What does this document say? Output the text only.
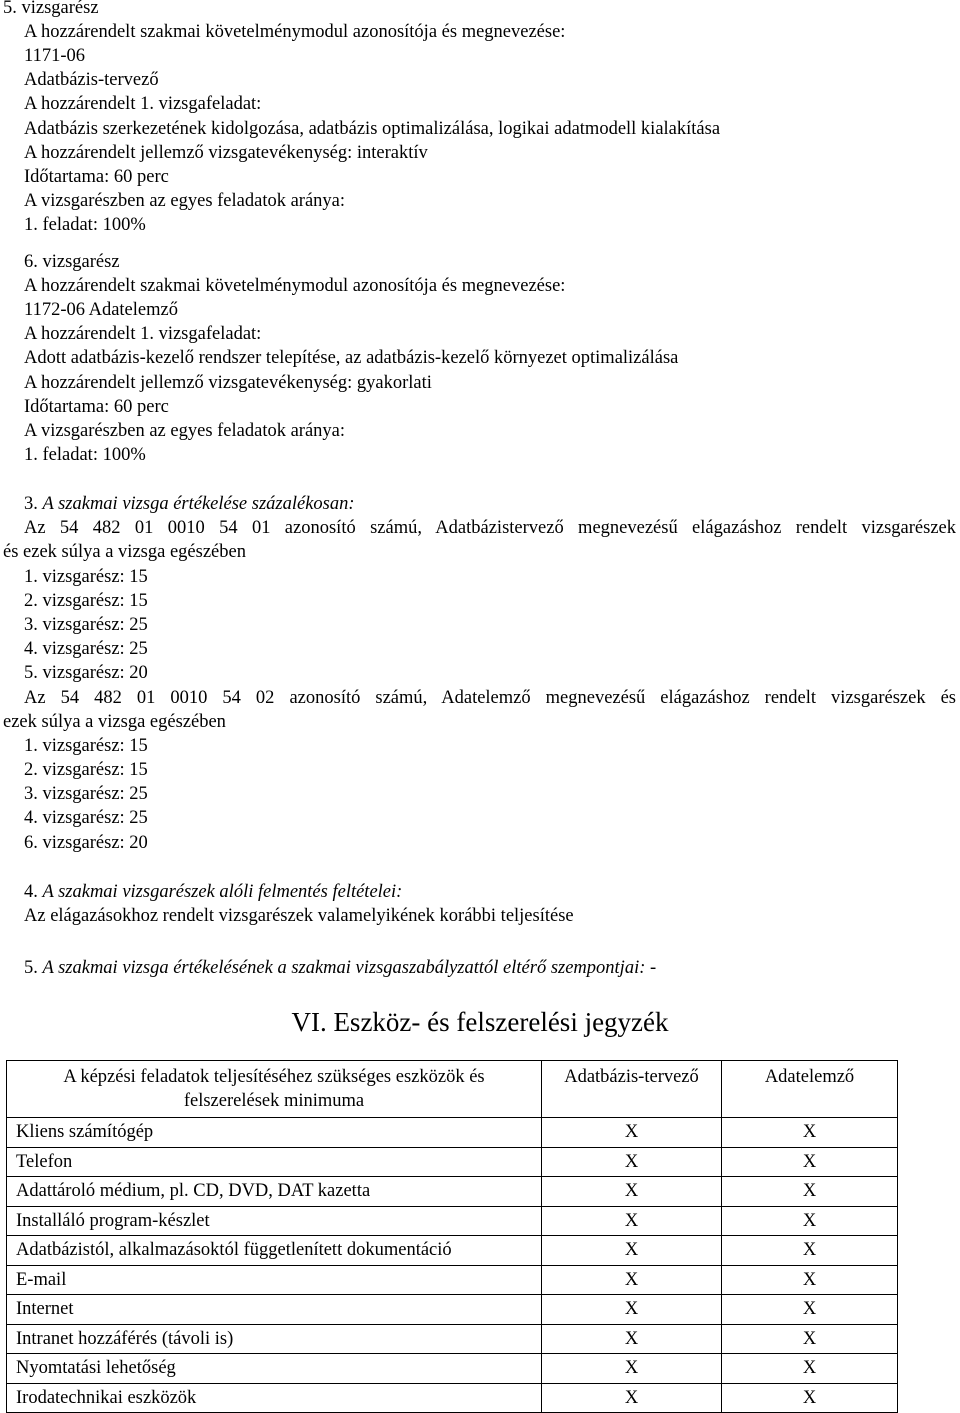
5. vizsgarész
A hozzárendelt szakmai követelménymodul azonosítója és megnevezése:
1171-06
Adatbázis-tervező
A hozzárendelt 1. vizsgafeladat:
Adatbázis szerkezetének kidolgozása, adatbázis optimalizálása, logikai adatmodell kialakítása
A hozzárendelt jellemző vizsgatevékenység: interaktív
Időtartama: 60 perc
A vizsgarészben az egyes feladatok aránya:
1. feladat: 100%
6. vizsgarész
A hozzárendelt szakmai követelménymodul azonosítója és megnevezése:
1172-06 Adatelemző
A hozzárendelt 1. vizsgafeladat:
Adott adatbázis-kezelő rendszer telepítése, az adatbázis-kezelő környezet optimalizálása
A hozzárendelt jellemző vizsgatevékenység: gyakorlati
Időtartama: 60 perc
A vizsgarészben az egyes feladatok aránya:
1. feladat: 100%
3. A szakmai vizsga értékelése százalékosan:
Az 54 482 01 0010 54 01 azonosító számú, Adatbázistervező megnevezésű elágazáshoz rendelt vizsgarészek
és ezek súlya a vizsga egészében
1. vizsgarész: 15
2. vizsgarész: 15
3. vizsgarész: 25
4. vizsgarész: 25
5. vizsgarész: 20
Az 54 482 01 0010 54 02 azonosító számú, Adatelemző megnevezésű elágazáshoz rendelt vizsgarészek és
ezek súlya a vizsga egészében
1. vizsgarész: 15
2. vizsgarész: 15
3. vizsgarész: 25
4. vizsgarész: 25
6. vizsgarész: 20
4. A szakmai vizsgarészek alóli felmentés feltételei:
Az elágazásokhoz rendelt vizsgarészek valamelyikének korábbi teljesítése
5. A szakmai vizsga értékelésének a szakmai vizsgaszabályzattól eltérő szempontjai: -
VI. Eszköz- és felszerelési jegyzék
A képzési feladatok teljesítéséhez szükséges eszközök és
felszerelések minimuma	Adatbázis-tervező	Adatelemző
Kliens számítógép	X	X
Telefon	X	X
Adattároló médium, pl. CD, DVD, DAT kazetta	X	X
Installáló program-készlet	X	X
Adatbázistól, alkalmazásoktól függetlenített dokumentáció	X	X
E-mail	X	X
Internet	X	X
Intranet hozzáférés (távoli is)	X	X
Nyomtatási lehetőség	X	X
Irodatechnikai eszközök	X	X
